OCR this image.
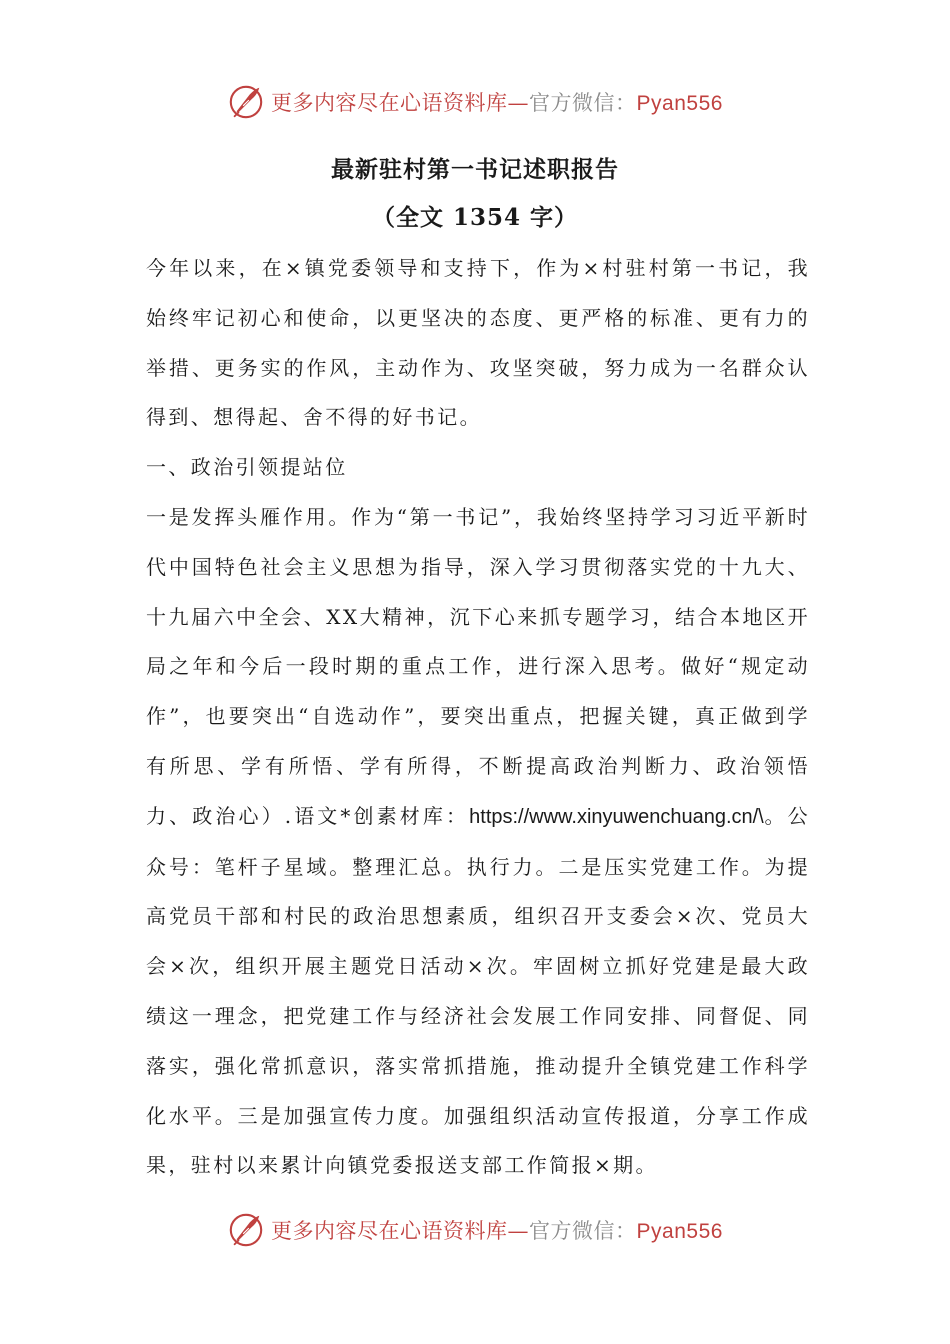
更多内容尽在心语资料库—官方微信：Pyan556
最新驻村第一书记述职报告
（全文 1354 字）

今年以来，在×镇党委领导和支持下，作为×村驻村第一书记，我始终牢记初心和使命，以更坚决的态度、更严格的标准、更有力的举措、更务实的作风，主动作为、攻坚突破，努力成为一名群众认得到、想得起、舍不得的好书记。

一、政治引领提站位

一是发挥头雁作用。作为“第一书记”，我始终坚持学习习近平新时代中国特色社会主义思想为指导，深入学习贯彻落实党的十九大、十九届六中全会、XX大精神，沉下心来抓专题学习，结合本地区开局之年和今后一段时期的重点工作，进行深入思考。做好“规定动作”，也要突出“自选动作”，要突出重点，把握关键，真正做到学有所思、学有所悟、学有所得，不断提高政治判断力、政治领悟力、政治心）.语文*创素材库：https://www.xinyuwenchuang.cn/\。公众号：笔杆子星域。整理汇总。执行力。二是压实党建工作。为提高党员干部和村民的政治思想素质，组织召开支委会×次、党员大会×次，组织开展主题党日活动×次。牢固树立抓好党建是最大政绩这一理念，把党建工作与经济社会发展工作同安排、同督促、同落实，强化常抓意识，落实常抓措施，推动提升全镇党建工作科学化水平。三是加强宣传力度。加强组织活动宣传报道，分享工作成果，驻村以来累计向镇党委报送支部工作简报×期。

更多内容尽在心语资料库—官方微信：Pyan556
